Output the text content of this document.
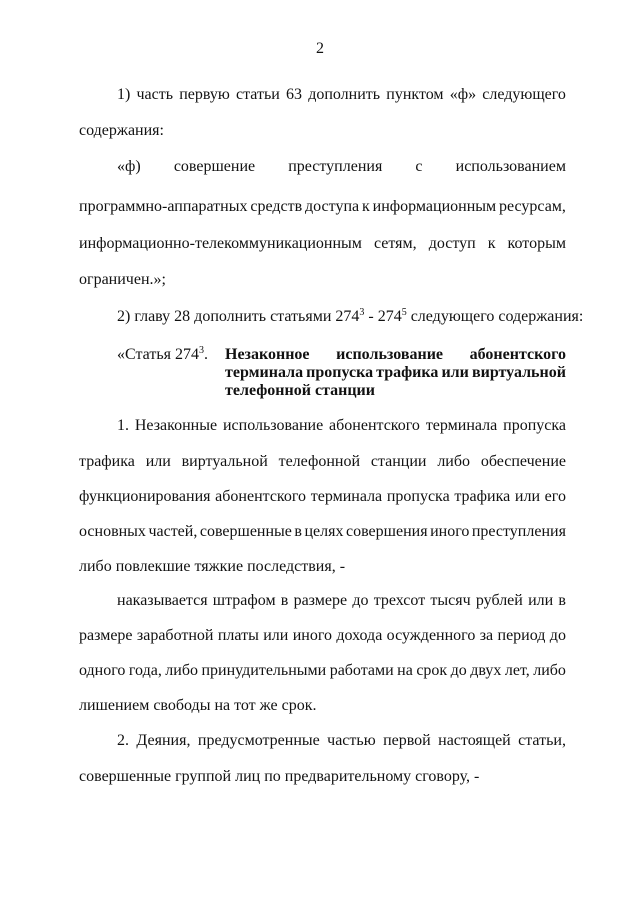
2
1) часть первую статьи 63 дополнить пунктом «ф» следующего
содержания:
«ф) совершение преступления с использованием
программно-аппаратных средств доступа к информационным ресурсам,
информационно-телекоммуникационным сетям, доступ к которым
ограничен.»;
2) главу 28 дополнить статьями $274^3 - 274^5$ следующего содержания:
«Статья $274^3$. Незаконное использование абонентского
терминала пропуска трафика или виртуальной
телефонной станции
1. Незаконные использование абонентского терминала пропуска
трафика или виртуальной телефонной станции либо обеспечение
функционирования абонентского терминала пропуска трафика или его
основных частей, совершенные в целях совершения иного преступления
либо повлекшие тяжкие последствия, -
наказывается штрафом в размере до трехсот тысяч рублей или в
размере заработной платы или иного дохода осужденного за период до
одного года, либо принудительными работами на срок до двух лет, либо
лишением свободы на тот же срок.
2. Деяния, предусмотренные частью первой настоящей статьи,
совершенные группой лиц по предварительному сговору, -
